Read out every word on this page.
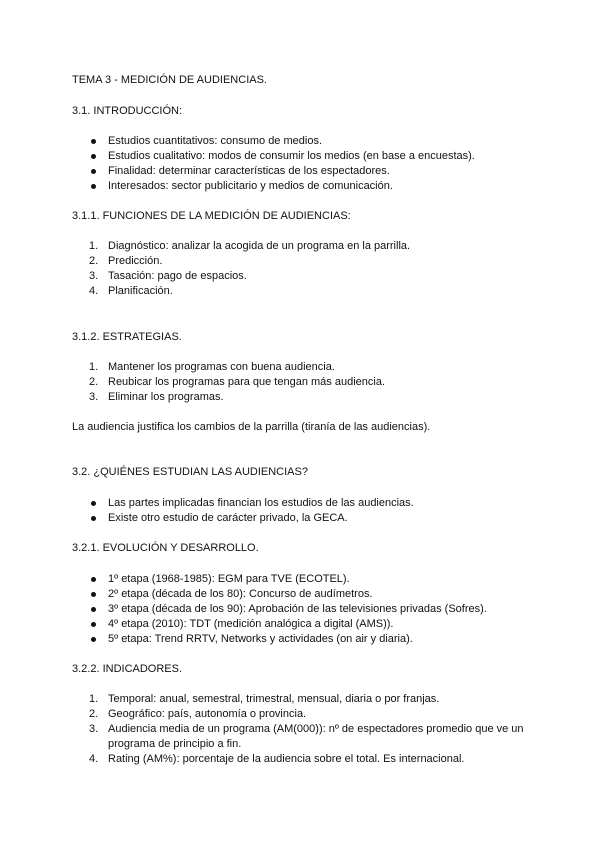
TEMA 3 - MEDICIÓN DE AUDIENCIAS.
3.1. INTRODUCCIÓN:
Estudios cuantitativos: consumo de medios.
Estudios cualitativo: modos de consumir los medios (en base a encuestas).
Finalidad: determinar características de los espectadores.
Interesados: sector publicitario y medios de comunicación.
3.1.1. FUNCIONES DE LA MEDICIÓN DE AUDIENCIAS:
1. Diagnóstico: analizar la acogida de un programa en la parrilla.
2. Predicción.
3. Tasación: pago de espacios.
4. Planificación.
3.1.2. ESTRATEGIAS.
1. Mantener los programas con buena audiencia.
2. Reubicar los programas para que tengan más audiencia.
3. Eliminar los programas.
La audiencia justifica los cambios de la parrilla (tiranía de las audiencias).
3.2. ¿QUIÉNES ESTUDIAN LAS AUDIENCIAS?
Las partes implicadas financian los estudios de las audiencias.
Existe otro estudio de carácter privado, la GECA.
3.2.1. EVOLUCIÓN Y DESARROLLO.
1º etapa (1968-1985): EGM para TVE (ECOTEL).
2º etapa (década de los 80): Concurso de audímetros.
3º etapa (década de los 90): Aprobación de las televisiones privadas (Sofres).
4º etapa (2010): TDT (medición analógica a digital (AMS)).
5º etapa: Trend RRTV, Networks y actividades (on air y diaria).
3.2.2. INDICADORES.
1. Temporal: anual, semestral, trimestral, mensual, diaria o por franjas.
2. Geográfico: país, autonomía o provincia.
3. Audiencia media de un programa (AM(000)): nº de espectadores promedio que ve un
programa de principio a fin.
4. Rating (AM%): porcentaje de la audiencia sobre el total. Es internacional.
